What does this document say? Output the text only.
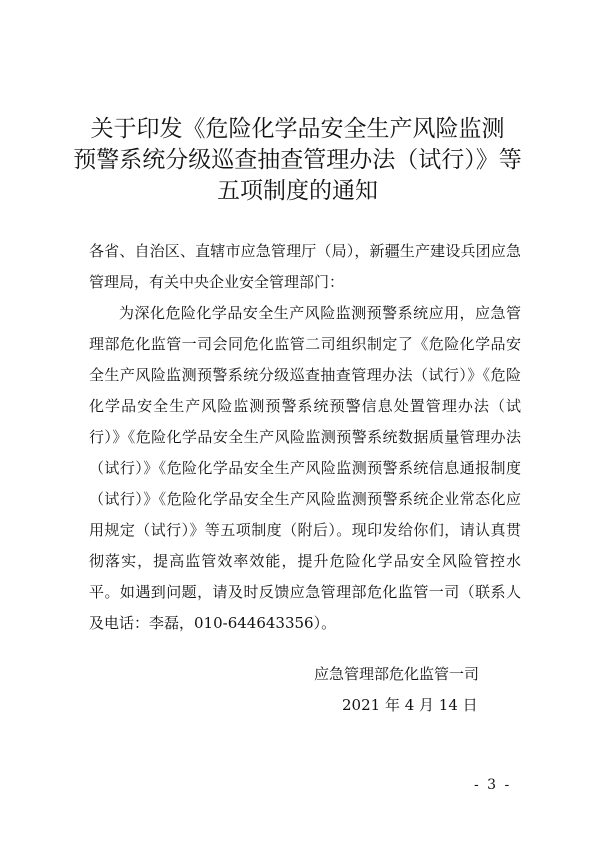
关于印发《危险化学品安全生产风险监测
预警系统分级巡查抽查管理办法（试行）》等
五项制度的通知
各省、自治区、直辖市应急管理厅（局），新疆生产建设兵团应急管理局，有关中央企业安全管理部门：
为深化危险化学品安全生产风险监测预警系统应用，应急管理部危化监管一司会同危化监管二司组织制定了《危险化学品安全生产风险监测预警系统分级巡查抽查管理办法（试行）》《危险化学品安全生产风险监测预警系统预警信息处置管理办法（试行）》《危险化学品安全生产风险监测预警系统数据质量管理办法（试行）》《危险化学品安全生产风险监测预警系统信息通报制度（试行）》《危险化学品安全生产风险监测预警系统企业常态化应用规定（试行）》等五项制度（附后）。现印发给你们，请认真贯彻落实，提高监管效率效能，提升危险化学品安全风险管控水平。如遇到问题，请及时反馈应急管理部危化监管一司（联系人及电话：李磊，010-644643356）。
应急管理部危化监管一司
2021 年 4 月 14 日
- 3 -
